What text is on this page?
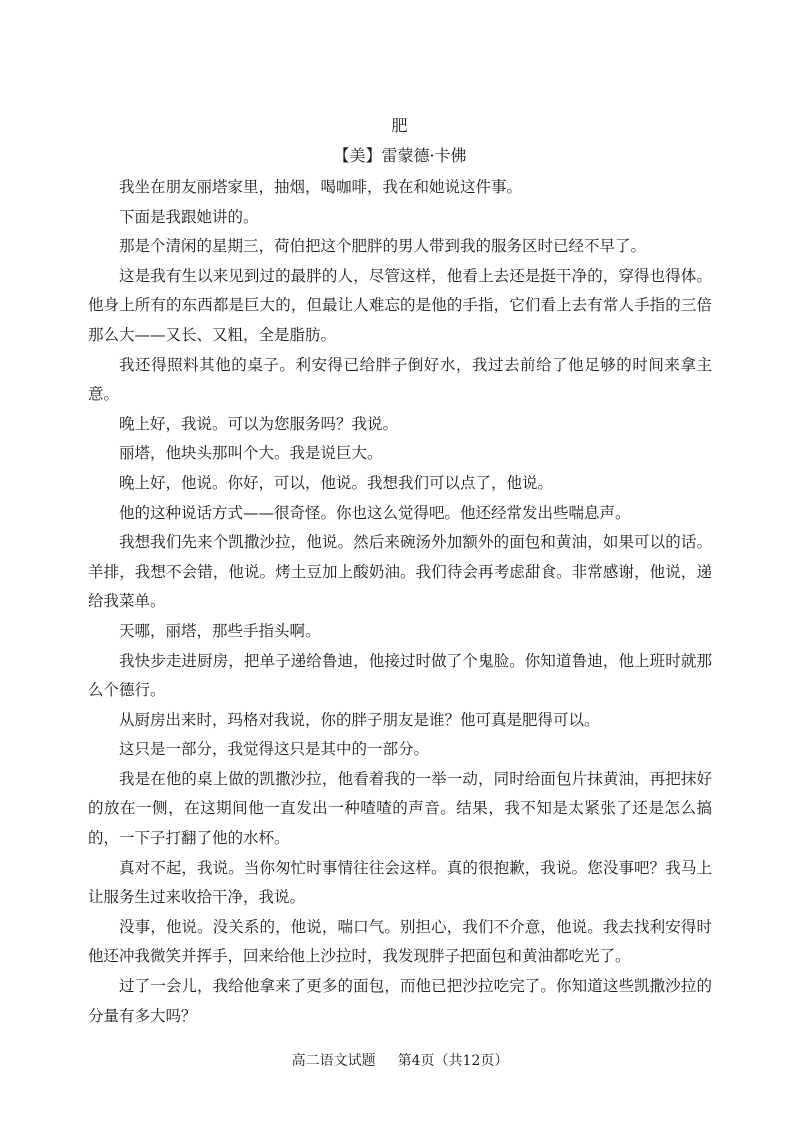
肥
【美】雷蒙德·卡佛

我坐在朋友丽塔家里，抽烟，喝咖啡，我在和她说这件事。

下面是我跟她讲的。

那是个清闲的星期三，荷伯把这个肥胖的男人带到我的服务区时已经不早了。

这是我有生以来见到过的最胖的人，尽管这样，他看上去还是挺干净的，穿得也得体。他身上所有的东西都是巨大的，但最让人难忘的是他的手指，它们看上去有常人手指的三倍那么大——又长、又粗，全是脂肪。

我还得照料其他的桌子。利安得已给胖子倒好水，我过去前给了他足够的时间来拿主意。

晚上好，我说。可以为您服务吗？我说。

丽塔，他块头那叫个大。我是说巨大。

晚上好，他说。你好，可以，他说。我想我们可以点了，他说。

他的这种说话方式——很奇怪。你也这么觉得吧。他还经常发出些喘息声。

我想我们先来个凯撒沙拉，他说。然后来碗汤外加额外的面包和黄油，如果可以的话。羊排，我想不会错，他说。烤土豆加上酸奶油。我们待会再考虑甜食。非常感谢，他说，递给我菜单。

天哪，丽塔，那些手指头啊。

我快步走进厨房，把单子递给鲁迪，他接过时做了个鬼脸。你知道鲁迪，他上班时就那么个德行。

从厨房出来时，玛格对我说，你的胖子朋友是谁？他可真是肥得可以。

这只是一部分，我觉得这只是其中的一部分。

我是在他的桌上做的凯撒沙拉，他看着我的一举一动，同时给面包片抹黄油，再把抹好的放在一侧，在这期间他一直发出一种喳喳的声音。结果，我不知是太紧张了还是怎么搞的，一下子打翻了他的水杯。

真对不起，我说。当你匆忙时事情往往会这样。真的很抱歉，我说。您没事吧？我马上让服务生过来收拾干净，我说。

没事，他说。没关系的，他说，喘口气。别担心，我们不介意，他说。我去找利安得时他还冲我微笑并挥手，回来给他上沙拉时，我发现胖子把面包和黄油都吃光了。

过了一会儿，我给他拿来了更多的面包，而他已把沙拉吃完了。你知道这些凯撒沙拉的分量有多大吗？

高二语文试题 第4页（共12页）
